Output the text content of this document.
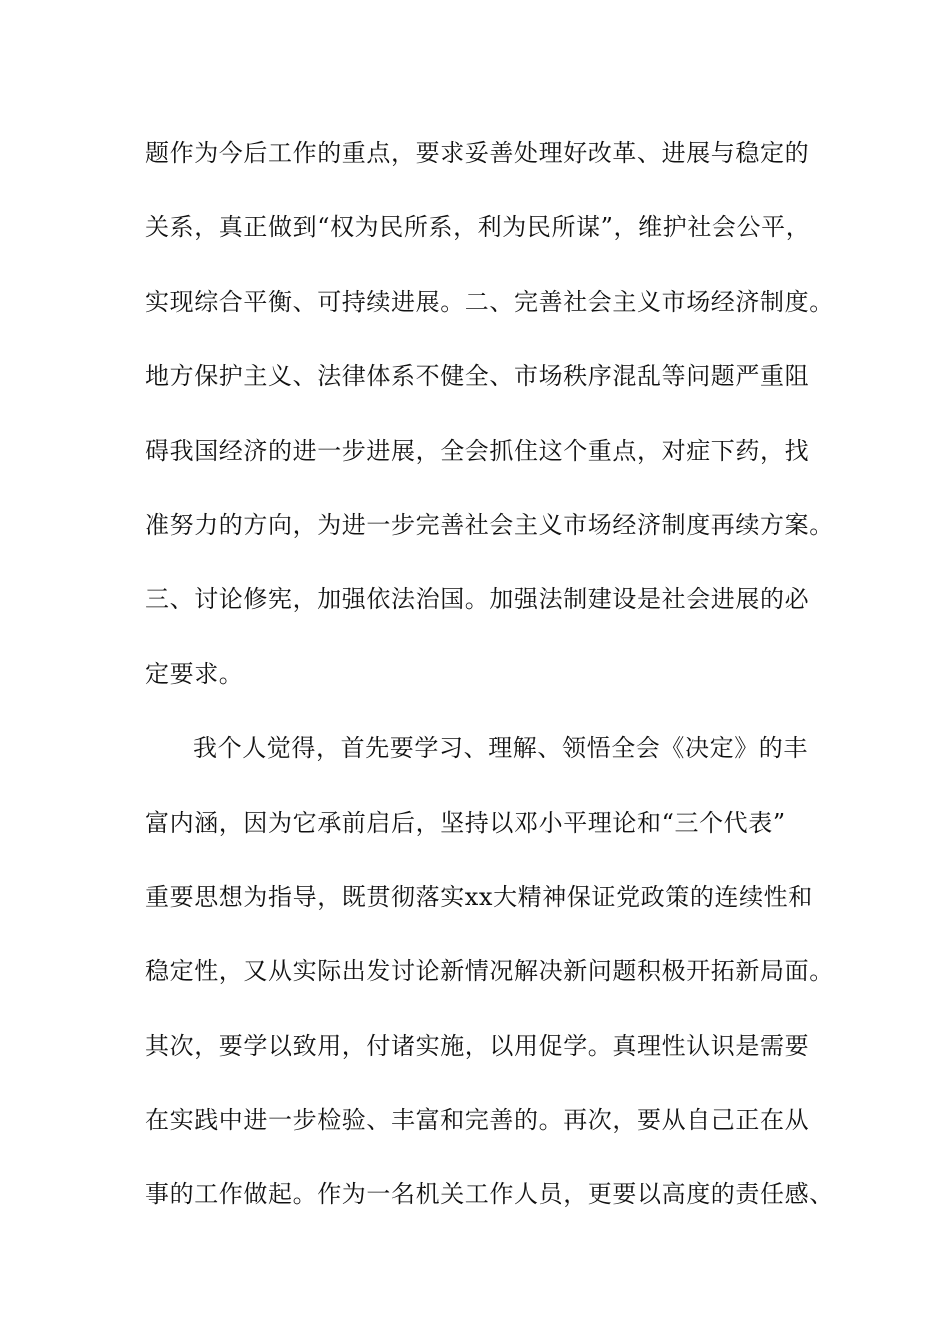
题作为今后工作的重点，要求妥善处理好改革、进展与稳定的
关系，真正做到“权为民所系，利为民所谋”，维护社会公平，
实现综合平衡、可持续进展。二、完善社会主义市场经济制度。
地方保护主义、法律体系不健全、市场秩序混乱等问题严重阻
碍我国经济的进一步进展，全会抓住这个重点，对症下药，找
准努力的方向，为进一步完善社会主义市场经济制度再续方案。
三、讨论修宪，加强依法治国。加强法制建设是社会进展的必
定要求。
我个人觉得，首先要学习、理解、领悟全会《决定》的丰
富内涵，因为它承前启后，坚持以邓小平理论和“三个代表”
重要思想为指导，既贯彻落实xx大精神保证党政策的连续性和
稳定性，又从实际出发讨论新情况解决新问题积极开拓新局面。
其次，要学以致用，付诸实施，以用促学。真理性认识是需要
在实践中进一步检验、丰富和完善的。再次，要从自己正在从
事的工作做起。作为一名机关工作人员，更要以高度的责任感、
